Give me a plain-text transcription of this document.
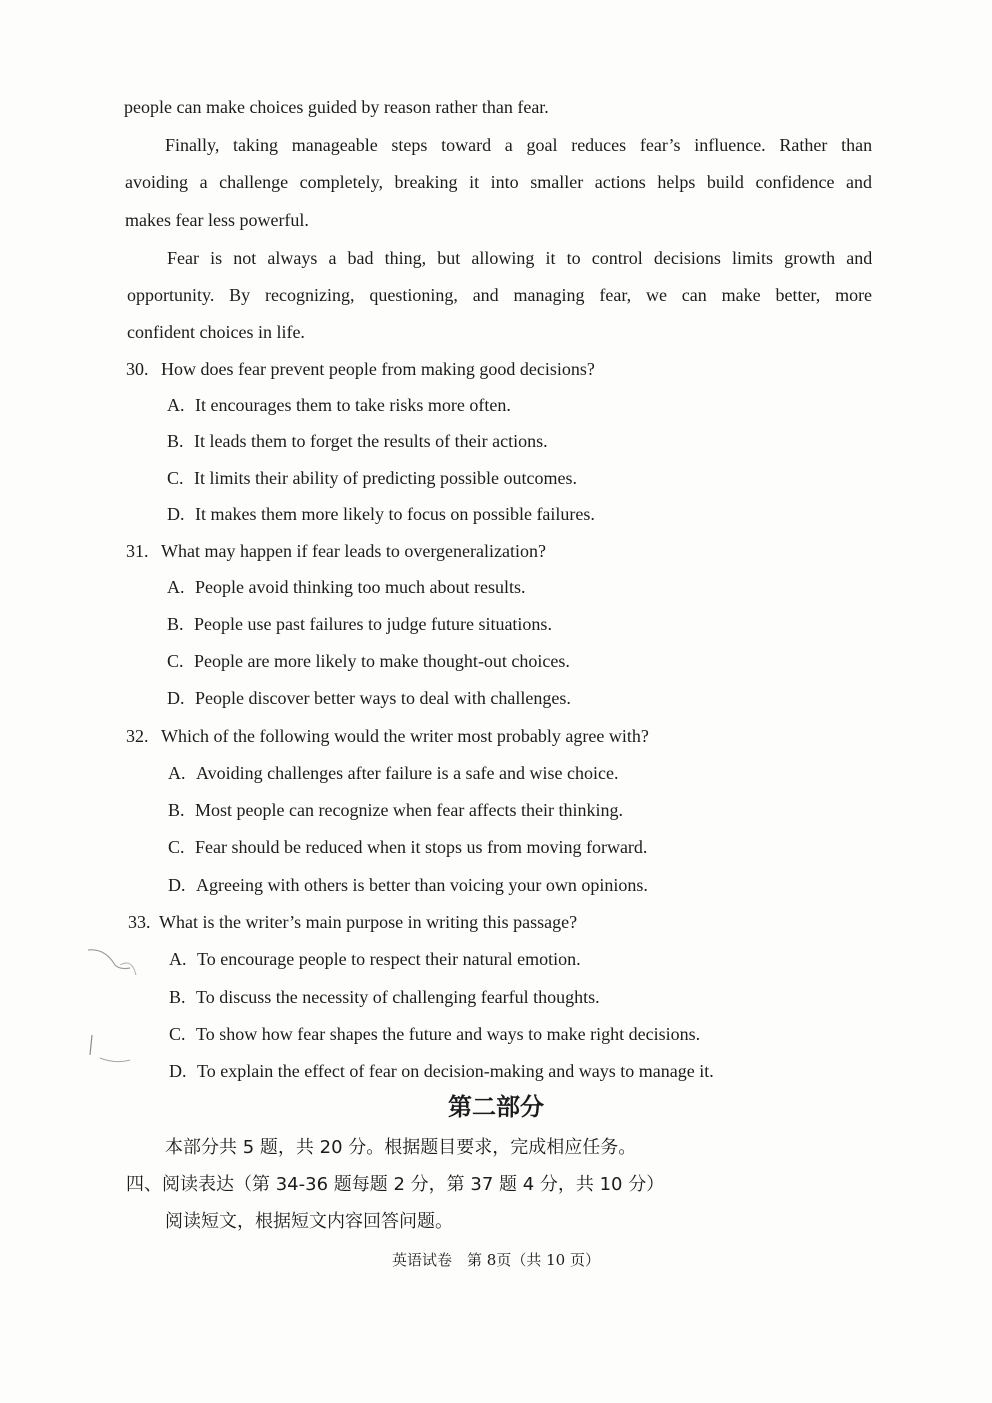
people can make choices guided by reason rather than fear.
Finally, taking manageable steps toward a goal reduces fear’s influence. Rather than
avoiding a challenge completely, breaking it into smaller actions helps build confidence and
makes fear less powerful.
Fear is not always a bad thing, but allowing it to control decisions limits growth and
opportunity. By recognizing, questioning, and managing fear, we can make better, more
confident choices in life.
30. How does fear prevent people from making good decisions?
A. It encourages them to take risks more often.
B. It leads them to forget the results of their actions.
C. It limits their ability of predicting possible outcomes.
D. It makes them more likely to focus on possible failures.
31. What may happen if fear leads to overgeneralization?
A. People avoid thinking too much about results.
B. People use past failures to judge future situations.
C. People are more likely to make thought-out choices.
D. People discover better ways to deal with challenges.
32. Which of the following would the writer most probably agree with?
A. Avoiding challenges after failure is a safe and wise choice.
B. Most people can recognize when fear affects their thinking.
C. Fear should be reduced when it stops us from moving forward.
D. Agreeing with others is better than voicing your own opinions.
33. What is the writer’s main purpose in writing this passage?
A. To encourage people to respect their natural emotion.
B. To discuss the necessity of challenging fearful thoughts.
C. To show how fear shapes the future and ways to make right decisions.
D. To explain the effect of fear on decision-making and ways to manage it.
第二部分
本部分共 5 题，共 20 分。根据题目要求，完成相应任务。
四、阅读表达（第 34-36 题每题 2 分，第 37 题 4 分，共 10 分）
阅读短文，根据短文内容回答问题。
英语试卷　第 8页（共 10 页）
